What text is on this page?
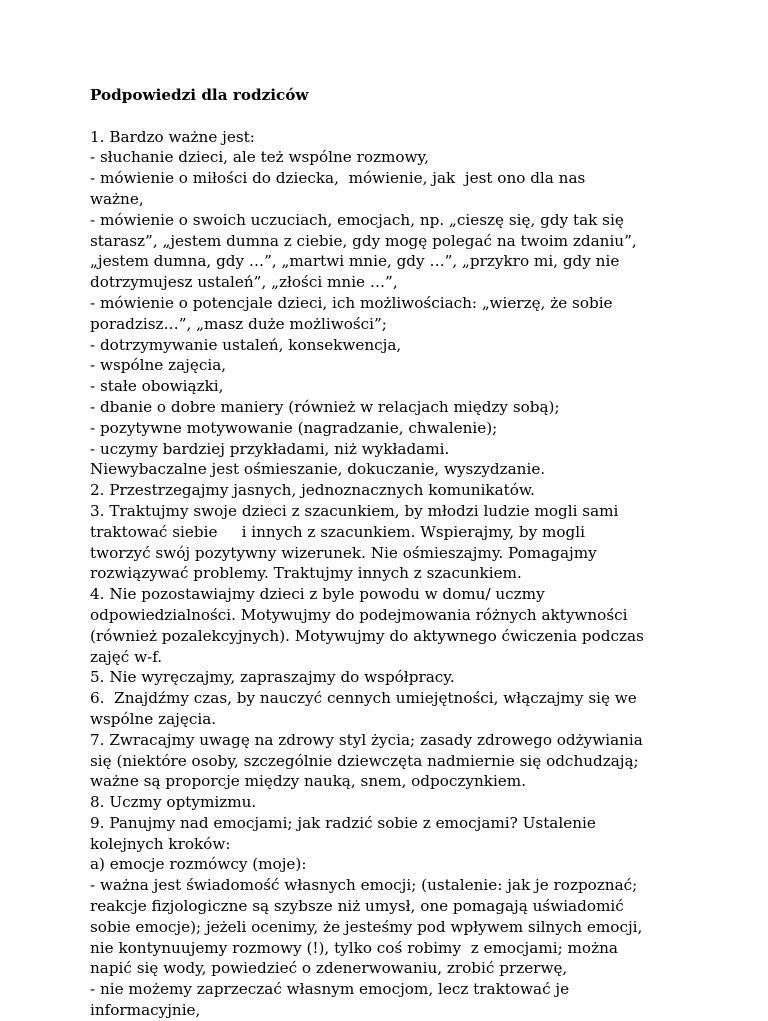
Podpowiedzi dla rodziców
1. Bardzo ważne jest:
- słuchanie dzieci, ale też wspólne rozmowy,
- mówienie o miłości do dziecka,  mówienie, jak  jest ono dla nas
ważne,
- mówienie o swoich uczuciach, emocjach, np. „cieszę się, gdy tak się
starasz”, „jestem dumna z ciebie, gdy mogę polegać na twoim zdaniu”,
„jestem dumna, gdy …”, „martwi mnie, gdy …”, „przykro mi, gdy nie
dotrzymujesz ustaleń”, „złości mnie …”,
- mówienie o potencjale dzieci, ich możliwościach: „wierzę, że sobie
poradzisz…”, „masz duże możliwości”;
- dotrzymywanie ustaleń, konsekwencja,
- wspólne zajęcia,
- stałe obowiązki,
- dbanie o dobre maniery (również w relacjach między sobą);
- pozytywne motywowanie (nagradzanie, chwalenie);
- uczymy bardziej przykładami, niż wykładami.
Niewybaczalne jest ośmieszanie, dokuczanie, wyszydzanie.
2. Przestrzegajmy jasnych, jednoznacznych komunikatów.
3. Traktujmy swoje dzieci z szacunkiem, by młodzi ludzie mogli sami
traktować siebie     i innych z szacunkiem. Wspierajmy, by mogli
tworzyć swój pozytywny wizerunek. Nie ośmieszajmy. Pomagajmy
rozwiązywać problemy. Traktujmy innych z szacunkiem.
4. Nie pozostawiajmy dzieci z byle powodu w domu/ uczmy
odpowiedzialności. Motywujmy do podejmowania różnych aktywności
(również pozalekcyjnych). Motywujmy do aktywnego ćwiczenia podczas
zajęć w-f.
5. Nie wyręczajmy, zapraszajmy do współpracy.
6.  Znajdźmy czas, by nauczyć cennych umiejętności, włączajmy się we
wspólne zajęcia.
7. Zwracajmy uwagę na zdrowy styl życia; zasady zdrowego odżywiania
się (niektóre osoby, szczególnie dziewczęta nadmiernie się odchudzają;
ważne są proporcje między nauką, snem, odpoczynkiem.
8. Uczmy optymizmu.
9. Panujmy nad emocjami; jak radzić sobie z emocjami? Ustalenie
kolejnych kroków:
a) emocje rozmówcy (moje):
- ważna jest świadomość własnych emocji; (ustalenie: jak je rozpoznać;
reakcje fizjologiczne są szybsze niż umysł, one pomagają uświadomić
sobie emocje); jeżeli ocenimy, że jesteśmy pod wpływem silnych emocji,
nie kontynuujemy rozmowy (!), tylko coś robimy  z emocjami; można
napić się wody, powiedzieć o zdenerwowaniu, zrobić przerwę,
- nie możemy zaprzeczać własnym emocjom, lecz traktować je
informacyjnie,
